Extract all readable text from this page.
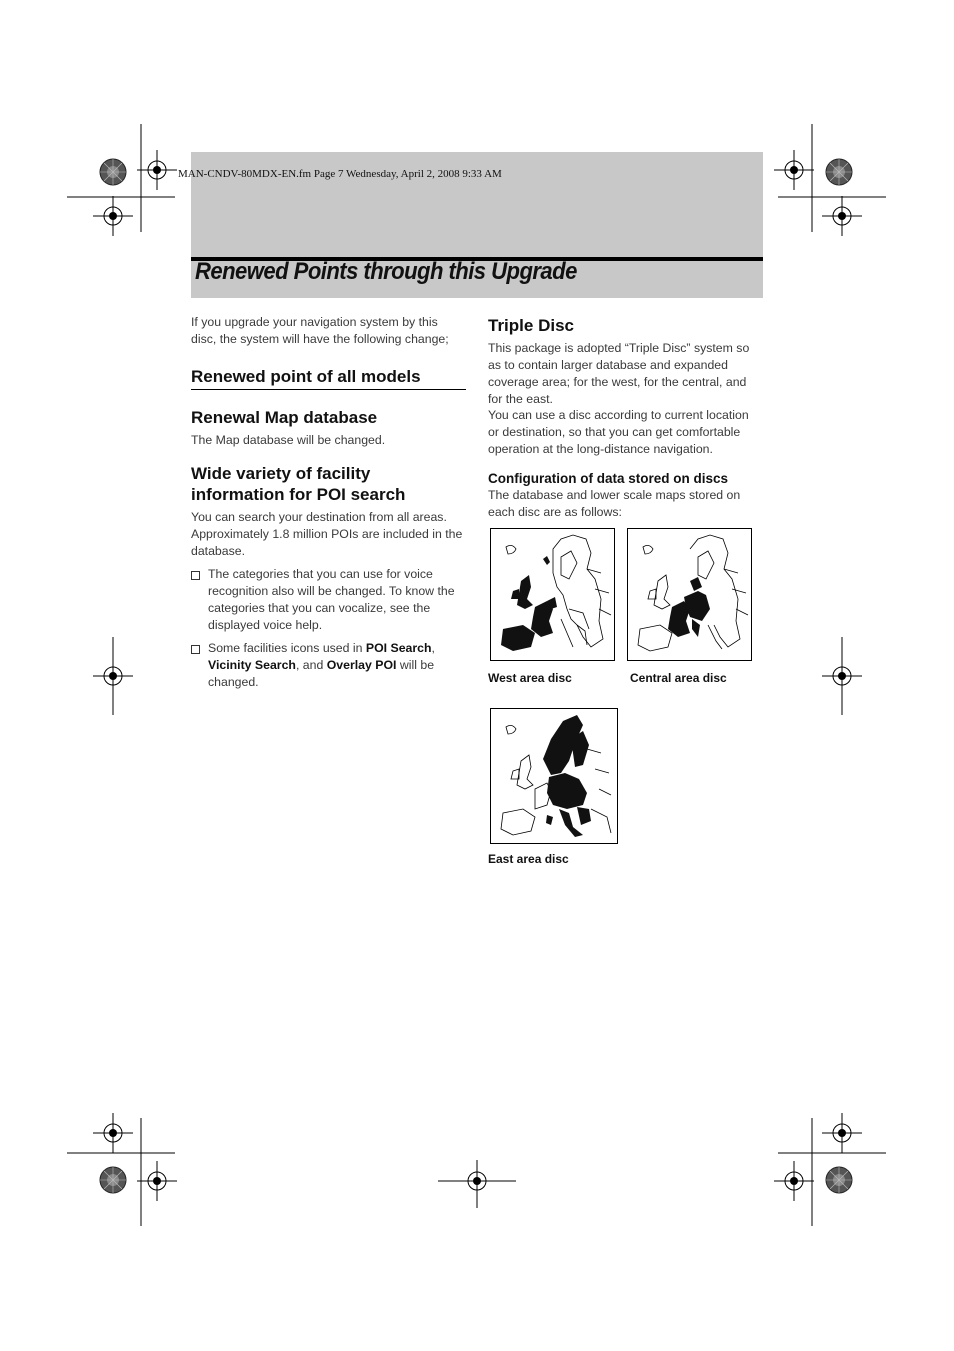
MAN-CNDV-80MDX-EN.fm Page 7 Wednesday, April 2, 2008 9:33 AM
Renewed Points through this Upgrade
If you upgrade your navigation system by this disc, the system will have the following change;
Renewed point of all models
Renewal Map database
The Map database will be changed.
Wide variety of facility information for POI search
You can search your destination from all areas. Approximately 1.8 million POIs are included in the database.
The categories that you can use for voice recognition also will be changed. To know the categories that you can vocalize, see the displayed voice help.
Some facilities icons used in POI Search, Vicinity Search, and Overlay POI will be changed.
Triple Disc
This package is adopted “Triple Disc” system so as to contain larger database and expanded coverage area; for the west, for the central, and for the east.
You can use a disc according to current location or destination, so that you can get comfortable operation at the long-distance navigation.
Configuration of data stored on discs
The database and lower scale maps stored on each disc are as follows:
West area disc	Central area disc
East area disc
